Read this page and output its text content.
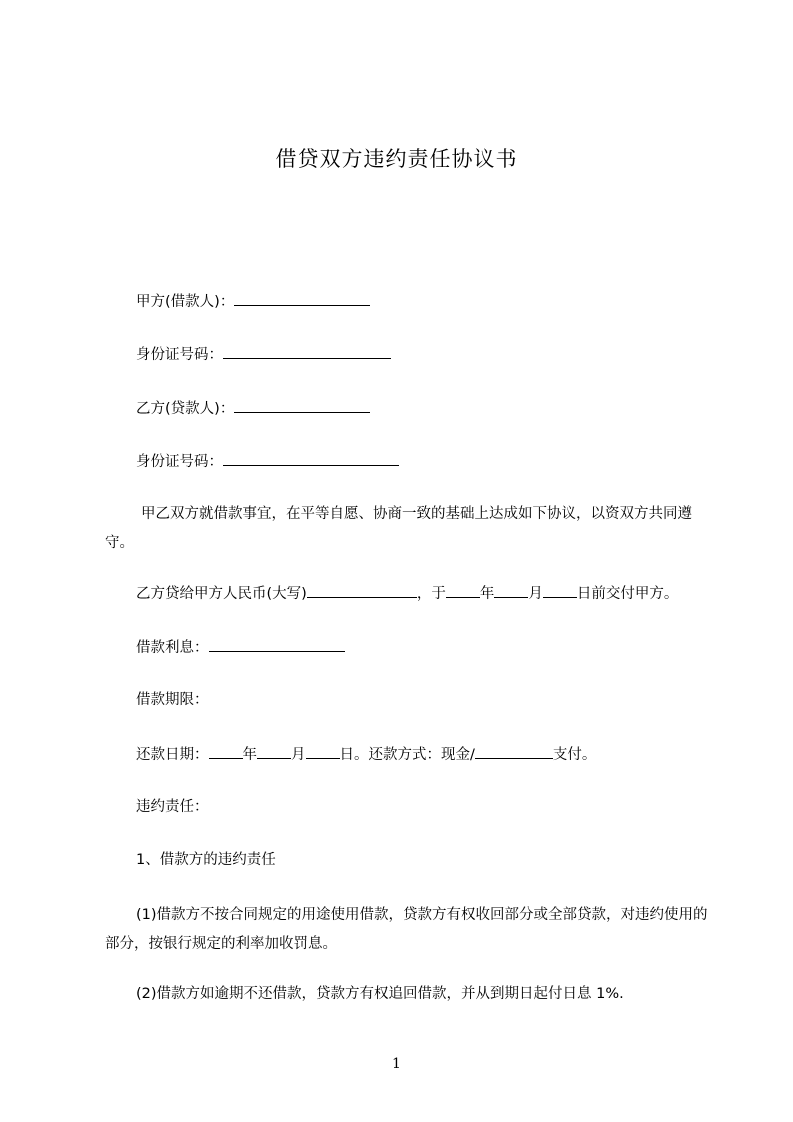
借贷双方违约责任协议书
甲方(借款人)：
身份证号码：
乙方(贷款人)：
身份证号码：
甲乙双方就借款事宜，在平等自愿、协商一致的基础上达成如下协议，以资双方共同遵守。
乙方贷给甲方人民币(大写)	，于 年 月 日前交付甲方。
借款利息：
借款期限：
还款日期： 年 月 日。还款方式：现金/	支付。
违约责任：
1、借款方的违约责任
(1)借款方不按合同规定的用途使用借款，贷款方有权收回部分或全部贷款，对违约使用的部分，按银行规定的利率加收罚息。
(2)借款方如逾期不还借款，贷款方有权追回借款，并从到期日起付日息 1%.
1
